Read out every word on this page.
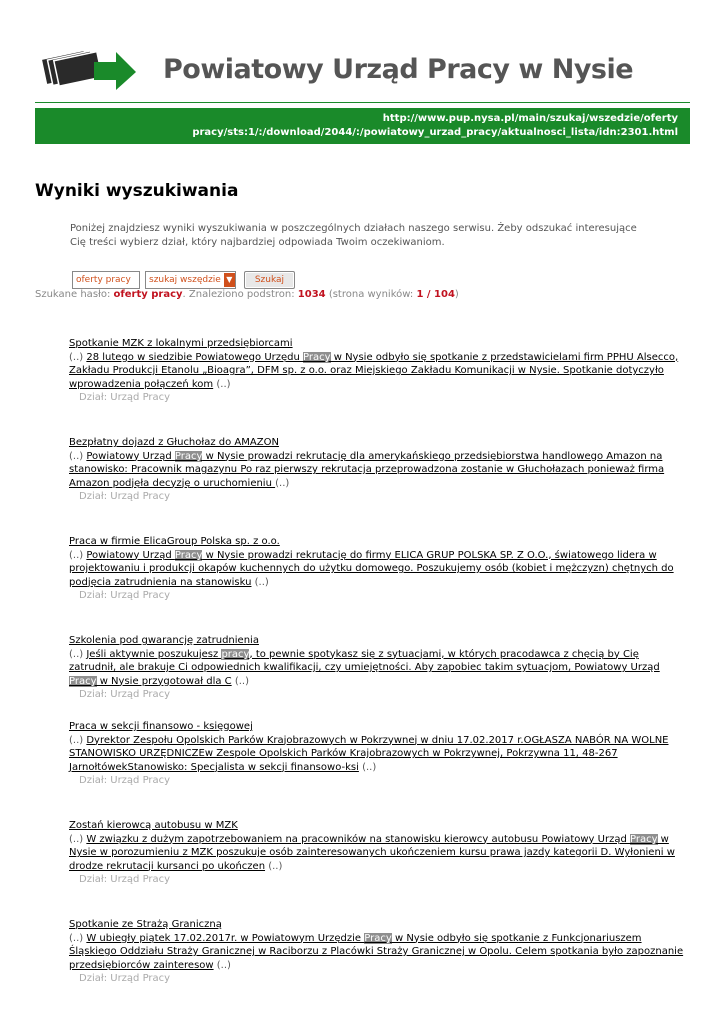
Powiatowy Urząd Pracy w Nysie
http://www.pup.nysa.pl/main/szukaj/wszedzie/oferty
pracy/sts:1/:/download/2044/:/powiatowy_urzad_pracy/aktualnosci_lista/idn:2301.html
Wyniki wyszukiwania

Poniżej znajdziesz wyniki wyszukiwania w poszczególnych działach naszego serwisu. Żeby odszukać interesujące Cię treści wybierz dział, który najbardziej odpowiada Twoim oczekiwaniom.

oferty pracy	szukaj wszędzie ▼	Szukaj
Szukane hasło: oferty pracy. Znaleziono podstron: 1034 (strona wyników: 1 / 104)
Spotkanie MZK z lokalnymi przedsiębiorcami
(..) 28 lutego w siedzibie Powiatowego Urzędu Pracy w Nysie odbyło się spotkanie z przedstawicielami firm PPHU Alsecco, Zakładu Produkcji Etanolu „Bioagra”, DFM sp. z o.o. oraz Miejskiego Zakładu Komunikacji w Nysie. Spotkanie dotyczyło wprowadzenia połączeń kom (..)
Dział: Urząd Pracy
Bezpłatny dojazd z Głuchołaz do AMAZON
(..) Powiatowy Urząd Pracy w Nysie prowadzi rekrutację dla amerykańskiego przedsiębiorstwa handlowego Amazon na stanowisko: Pracownik magazynu Po raz pierwszy rekrutacja przeprowadzona zostanie w Głuchołazach ponieważ firma Amazon podjęła decyzję o uruchomieniu (..)
Dział: Urząd Pracy
Praca w firmie ElicaGroup Polska sp. z o.o.
(..) Powiatowy Urząd Pracy w Nysie prowadzi rekrutację do firmy ELICA GRUP POLSKA SP. Z O.O., światowego lidera w projektowaniu i produkcji okapów kuchennych do użytku domowego. Poszukujemy osób (kobiet i mężczyzn) chętnych do podjęcia zatrudnienia na stanowisku (..)
Dział: Urząd Pracy
Szkolenia pod gwarancję zatrudnienia
(..) Jeśli aktywnie poszukujesz pracy, to pewnie spotykasz się z sytuacjami, w których pracodawca z chęcią by Cię zatrudnił, ale brakuje Ci odpowiednich kwalifikacji, czy umiejętności. Aby zapobiec takim sytuacjom, Powiatowy Urząd Pracy w Nysie przygotował dla C (..)
Dział: Urząd Pracy
Praca w sekcji finansowo - księgowej
(..) Dyrektor Zespołu Opolskich Parków Krajobrazowych w Pokrzywnej w dniu 17.02.2017 r.OGŁASZA NABÓR NA WOLNE STANOWISKO URZĘDNICZEw Zespole Opolskich Parków Krajobrazowych w Pokrzywnej, Pokrzywna 11, 48-267 JarnołtówekStanowisko: Specjalista w sekcji finansowo-ksi (..)
Dział: Urząd Pracy
Zostań kierowcą autobusu w MZK
(..) W związku z dużym zapotrzebowaniem na pracowników na stanowisku kierowcy autobusu Powiatowy Urząd Pracy w Nysie w porozumieniu z MZK poszukuje osób zainteresowanych ukończeniem kursu prawa jazdy kategorii D. Wyłonieni w drodze rekrutacji kursanci po ukończen (..)
Dział: Urząd Pracy
Spotkanie ze Strażą Graniczną
(..) W ubiegły piątek 17.02.2017r. w Powiatowym Urzędzie Pracy w Nysie odbyło się spotkanie z Funkcjonariuszem Śląskiego Oddziału Straży Granicznej w Raciborzu z Placówki Straży Granicznej w Opolu. Celem spotkania było zapoznanie przedsiębiorców zainteresow (..)
Dział: Urząd Pracy
